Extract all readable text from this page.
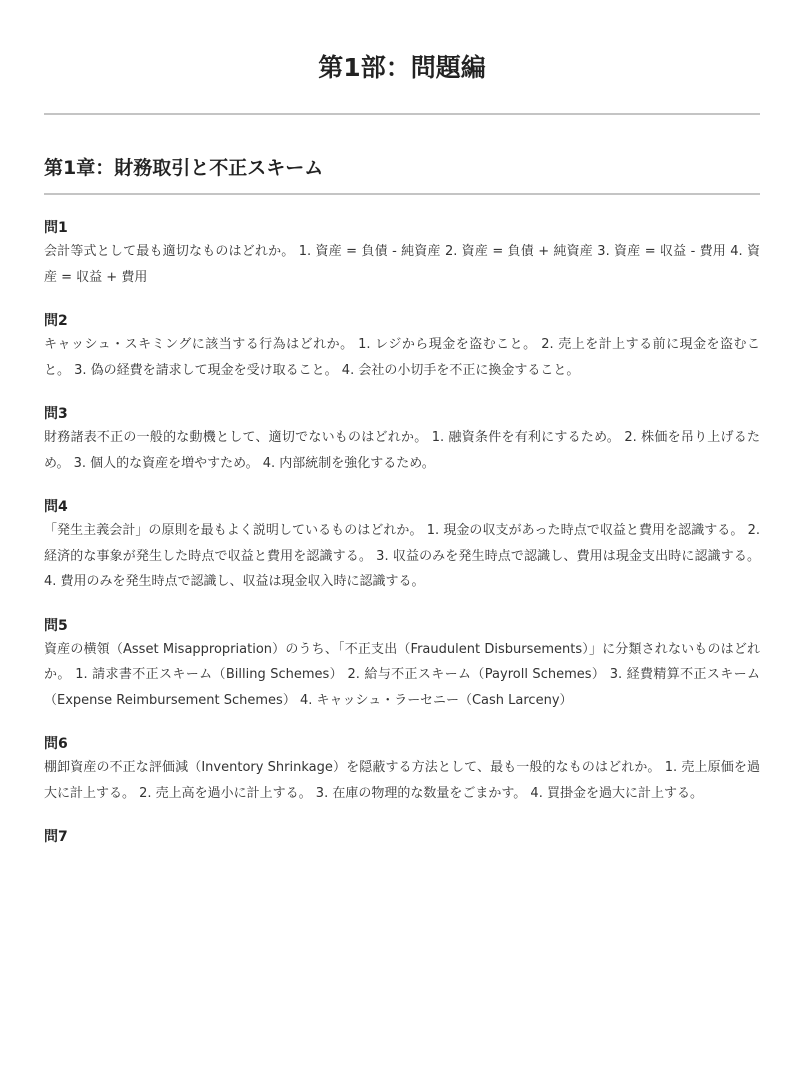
第1部：問題編
第1章：財務取引と不正スキーム
問1

会計等式として最も適切なものはどれか。 1. 資産 = 負債 - 純資産 2. 資産 = 負債 + 純資産 3. 資産 = 収益 - 費用 4. 資産 = 収益 + 費用

問2

キャッシュ・スキミングに該当する行為はどれか。 1. レジから現金を盗むこと。 2. 売上を計上する前に現金を盗むこと。 3. 偽の経費を請求して現金を受け取ること。 4. 会社の小切手を不正に換金すること。

問3

財務諸表不正の一般的な動機として、適切でないものはどれか。 1. 融資条件を有利にするため。 2. 株価を吊り上げるため。 3. 個人的な資産を増やすため。 4. 内部統制を強化するため。

問4

「発生主義会計」の原則を最もよく説明しているものはどれか。 1. 現金の収支があった時点で収益と費用を認識する。 2. 経済的な事象が発生した時点で収益と費用を認識する。 3. 収益のみを発生時点で認識し、費用は現金支出時に認識する。 4. 費用のみを発生時点で認識し、収益は現金収入時に認識する。

問5

資産の横領（Asset Misappropriation）のうち、「不正支出（Fraudulent Disbursements）」に分類されないものはどれか。 1. 請求書不正スキーム（Billing Schemes） 2. 給与不正スキーム（Payroll Schemes） 3. 経費精算不正スキーム（Expense Reimbursement Schemes） 4. キャッシュ・ラーセニー（Cash Larceny）

問6

棚卸資産の不正な評価減（Inventory Shrinkage）を隠蔽する方法として、最も一般的なものはどれか。 1. 売上原価を過大に計上する。 2. 売上高を過小に計上する。 3. 在庫の物理的な数量をごまかす。 4. 買掛金を過大に計上する。

問7
